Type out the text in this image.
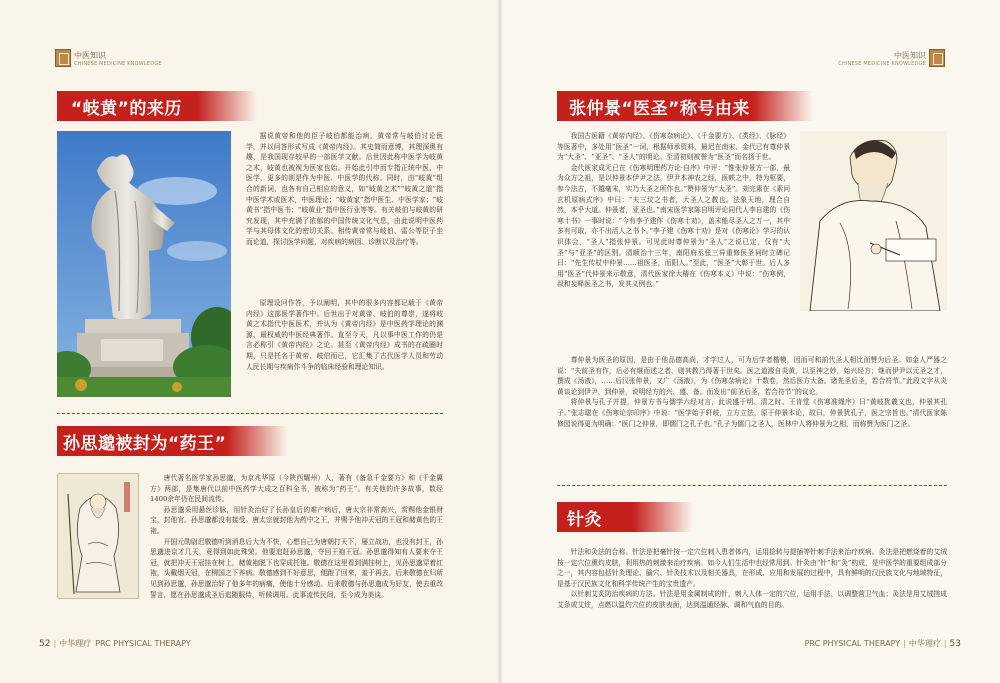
中医知识
CHINESE MEDICINE KNOWLEDGE
“岐黄”的来历

据说黄帝和他的臣子岐伯都能治病，黄帝常与岐伯讨论医学，并以问答形式写成《黄帝内经》。其史简而意博，其理深奥有趣，是我国现存较早的一部医学文献。后世因此称中医学为岐黄之术，岐黄也被视为医家也始。开始此引申而专指正统中医，中医学，更多的则是作为中医、中医学的代称。同时，由“岐黄”组合的新词，也各有自己相应的意义，如“岐黄之术”“岐黄之道”指中医学术或医术，中医理论；“岐黄家”指中医生、中医学家；“岐黄书”指中医书；“岐黄业”指中医行业等等。有关岐伯与岐黄的研究发现，其中充满了浓郁的中国传统文化气息，由此说明中医药学与其母体文化的密切关系。相传黄帝常与岐伯、雷公等臣子坐而论道，探讨医学问题，对疾病的病因、诊断以及治疗等。

原理设问作答，予以阐明，其中的很多内容都记载于《黄帝内经》这部医学著作中。后世出于对黄帝、岐伯的尊崇，遂将岐黄之术指代中医医术，并认为《黄帝内经》是中医药学理论的渊源、最权威的中医经典著作。直至今天，凡以事中医工作的仍是言必称引《黄帝内经》之论。甚至《黄帝内经》成书的在疏圈时期，只是托名于黄帝、岐伯而已，它汇集了古代医学人员和劳动人民长期与疾病作斗争的临床经验和理论知识。

孙思邈被封为“药王”

唐代著名医学家孙思邈，为京兆华原（今陕西耀州）人，著有《备急千金要方》和《千金翼方》两部，是集唐代以前中医药学大成之百科全书，被称为“药王”。有关他的许多故事，数经1400余年仍在民间流传。

孙思邈采用悬丝诊脉，用针灸治好了长孙皇后的难产病后，唐太宗非常高兴，赏赐他金银财宝，封他官。孙思邈都没有接受。唐太宗就封他为药中之王，并赐予他冲天冠的王冠和赭黄色的王袍。

开国元勋尉迟敬德听到消息后大为不快，心想自己为唐朝打天下，屡立战功，也没有封王，孙思邈进京才几天，竟得到如此殊荣。他要追赶孙思邈，夺回王袍王冠。孙思邈得知有人要来夺王冠，就把冲天王冠挂在树上，赭黄袍脱下也穿成托袍。敬德在这里看到满挂树上，见孙思邈穿着红袍，头戴烟天冠，在柳国之下养病。敬德感到不好意思，便跑了回来，羞于再去。后来敬德在归所见到孙思邈，孙思邈治好了他多年的病痛，使他十分感动。后来敬德与孙思邈成为好友，使去重改誓言，愿在孙思邈成圣后追随服侍，听候调用。此事流传民间，至今成为美谈。

52 | 中华理疗 PRC PHYSICAL THERAPY
中医知识
CHINESE MEDICINE KNOWLEDGE
张仲景“医圣”称号由来

我国古医籍《黄帝内经》、《伤寒杂病论》、《千金要方》、《类经》、《脉经》等医著中，多处用“医圣”一词，根据师承资料，最迟在南宋、金代已有尊仲景为“大圣”、“亚圣”、“圣人”的明论。至清初则被誉为“医圣”而名扬于世。

金代医家成无已在《伤寒明理药方论·自序》中评：“惟张仲景方一部，最为众方之祖，是以仲景本伊尹之法，伊尹本神农之经，医帙之中，特为枢要，参今法古，不越毫末，实乃大圣之所作也。”赞仲景为“大圣”。刘完素在《素问玄机原病式序》中曰：“夫三坟之书者，大圣人之教也。法象天地，理合自然，本乎大道。仲景者，亚圣也。”南宋医学家陈自明评论同代人李自建的《伤寒十书》一事时说：“今有李子建作《伤寒十劝》，盖未能尽圣人之万一，其中多有可取，亦不出活人之书卜。”李子建《伤寒十劝》是对《伤寒论》学习的认识体会，“圣人”指张仲景。可见此时尊仲景为“圣人”之说已定，仅有“大圣”与“亚圣”的区别。清顺治十三年，南阳府丞张三异重修医圣祠时立碑记曰：“先生传杖中仲景……祖医圣，而阳人。”至此，“医圣”大彰于世。后人多用“医圣”代仲景来示敬意，清代医家徐大椿在《伤寒本义》中说：“伤寒例，叔和妄释医圣之书，发其义例也。”

尊仲景为医圣的原因，是由于他品德高尚，才学过人，可为后学者楷模，因而可和前代圣人相比而赞为后圣。如金人严器之说：“夫前圣有作，后必有继而述之者，则其教乃得著于世矣。医之道源自炎黄，以至神之妙，始兴经方；继而伊尹以元圣之才，撰成《汤液》，……后汉张仲景，又广《汤液》，为《伤寒杂病论》十数卷，然后医方大备。诸先圣后圣，若合符节。”此段文字从炎黄谈论到伊尹，到仲景，说明经方的兴、盛、备。而发出“前圣后圣，若合符节”的议论。

将仲景与孔子并提，仲景方书与儒学六经对言，此说盛于明、清之时。王肯堂《伤寒准绳序》曰“黄岐犹羲文也，仲景其孔子。”张志聪在《伤寒论宗印序》中说：“医学始于轩岐，立方立法，原于仲景本论，故曰，仲景犹孔子，医之宗旨也。”清代医家陈修园说得更为明确：“医门之仲景，即儒门之孔子也。”孔子为儒门之圣人，医林中人将仲景为之相，而称赞为医门之圣。

针灸

针法和灸法的合称。针法是把毫针按一定穴位刺入患者体内，运用捻转与提插等针刺手法来治疗疾病。灸法是把燃烧着的艾绒按一定穴位熏灼皮肤，利用热的刺激来治疗疾病。如今人们生活中也经常用到。针灸由“针”和“灸”构成，是中医学的重要组成部分之一，其内容包括针灸理论、腧穴、针灸技术以及相关器具，在形成、应用和发展的过程中，具有鲜明的汉民族文化与地域特征，是基于汉民族文化和科学传统产生的宝贵遗产。

以针刺艾炙防治疾病的方法。针法是用金属制成的针，刺入人体一定的穴位，运用手法，以调整营卫气血；灸法是用艾绒搓成艾条或艾炷，点燃以温灼穴位的皮肤表面，达到温通经脉、调和气血的目的。

PRC PHYSICAL THERAPY | 中华理疗 | 53
